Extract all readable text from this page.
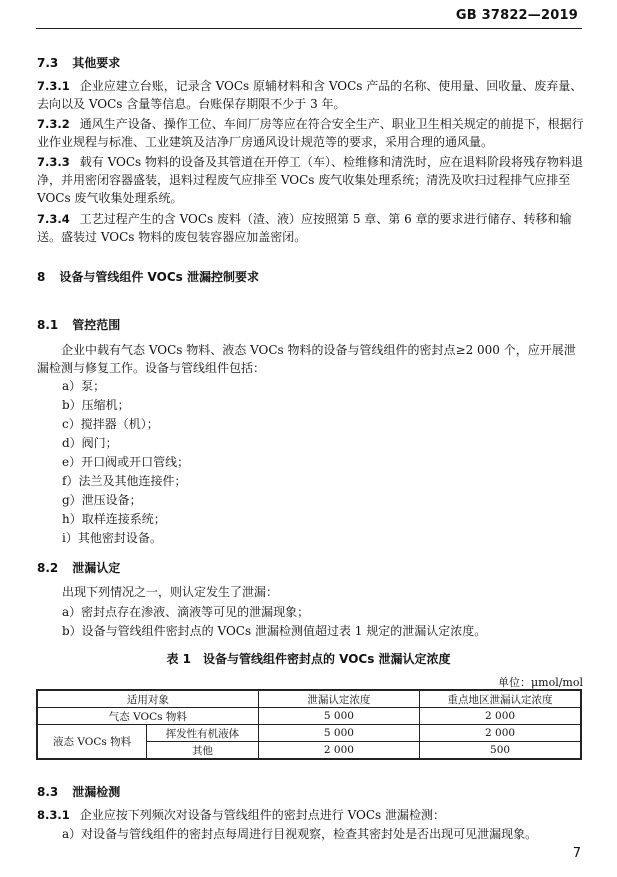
GB 37822—2019
7.3 其他要求
7.3.1 企业应建立台账，记录含 VOCs 原辅材料和含 VOCs 产品的名称、使用量、回收量、废弃量、去向以及 VOCs 含量等信息。台账保存期限不少于 3 年。
7.3.2 通风生产设备、操作工位、车间厂房等应在符合安全生产、职业卫生相关规定的前提下，根据行业作业规程与标准、工业建筑及洁净厂房通风设计规范等的要求，采用合理的通风量。
7.3.3 载有 VOCs 物料的设备及其管道在开停工（车）、检维修和清洗时，应在退料阶段将残存物料退净，并用密闭容器盛装，退料过程废气应排至 VOCs 废气收集处理系统；清洗及吹扫过程排气应排至 VOCs 废气收集处理系统。
7.3.4 工艺过程产生的含 VOCs 废料（渣、液）应按照第 5 章、第 6 章的要求进行储存、转移和输送。盛装过 VOCs 物料的废包装容器应加盖密闭。
8 设备与管线组件 VOCs 泄漏控制要求
8.1 管控范围
企业中载有气态 VOCs 物料、液态 VOCs 物料的设备与管线组件的密封点≥2 000 个，应开展泄漏检测与修复工作。设备与管线组件包括：
a）泵；
b）压缩机；
c）搅拌器（机）；
d）阀门；
e）开口阀或开口管线；
f）法兰及其他连接件；
g）泄压设备；
h）取样连接系统；
i）其他密封设备。
8.2 泄漏认定
出现下列情况之一，则认定发生了泄漏：
a）密封点存在渗液、滴液等可见的泄漏现象；
b）设备与管线组件密封点的 VOCs 泄漏检测值超过表 1 规定的泄漏认定浓度。
表 1　设备与管线组件密封点的 VOCs 泄漏认定浓度
单位：μmol/mol
适用对象		泄漏认定浓度	重点地区泄漏认定浓度
气态 VOCs 物料		5 000	2 000
液态 VOCs 物料	挥发性有机液体	5 000	2 000
	其他	2 000	500
8.3 泄漏检测
8.3.1 企业应按下列频次对设备与管线组件的密封点进行 VOCs 泄漏检测：
a）对设备与管线组件的密封点每周进行目视观察，检查其密封处是否出现可见泄漏现象。
7
